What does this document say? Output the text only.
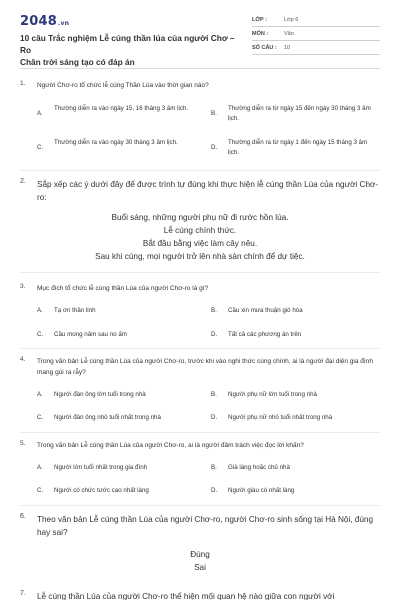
2048.vn
10 câu Trắc nghiệm Lễ cúng thần lúa của người Chơ – Ro
Chân trời sáng tạo có đáp án
LỚP :	Lớp 6
MÔN :	Văn
SỐ CÂU : 10
1. Người Chơ-ro tổ chức lễ cúng Thần Lúa vào thời gian nào?
A.
Thường diễn ra vào ngày 15, 16 tháng 3 âm lịch.
B.
Thường diễn ra từ ngày 15 đến ngày 30 tháng 3 âm lịch.
C.
Thường diễn ra vào ngày 30 tháng 3 âm lịch.
D.
Thường diễn ra từ ngày 1 đến ngày 15 tháng 3 âm lịch.
2. Sắp xếp các ý dưới đây để được trình tự đúng khi thực hiện lễ cúng thần Lúa của người Chơ-ro:
Buổi sáng, những người phụ nữ đi rước hồn lúa.
Lễ cúng chính thức.
Bắt đầu bằng việc làm cây nêu.
Sau khi cúng, mọi người trở lên nhà sàn chính để dự tiệc.
3. Mục đích tổ chức lễ cúng thần Lúa của người Chơ-ro là gì?
A. Tạ ơn thần linh	B. Cầu xin mưa thuận gió hòa
C. Cầu mong năm sau no ấm	D. Tất cả các phương án trên
4. Trong văn bản Lễ cúng thần Lúa của người Chơ-ro, trước khi vào nghi thức cúng chính, ai là người đại diện gia đình mang gùi ra rẫy?
A. Người đàn ông lớn tuổi trong nhà	B. Người phụ nữ lớn tuổi trong nhà
C. Người đàn ông nhỏ tuổi nhất trong nhà	D. Người phụ nữ nhỏ tuổi nhất trong nhà
5. Trong văn bản Lễ cúng thần Lúa của người Chơ-ro, ai là người đảm trách việc đọc lời khấn?
A. Người lớn tuổi nhất trong gia đình	B. Già làng hoặc chủ nhà
C. Người có chức tước cao nhất làng	D. Người giàu có nhất làng
6. Theo văn bản Lễ cúng thần Lúa của người Chơ-ro, người Chơ-ro sinh sống tại Hà Nội, đúng hay sai?
Đúng
Sai
7. Lễ cúng thần Lúa của người Chơ-ro thể hiện mối quan hệ nào giữa con người với
